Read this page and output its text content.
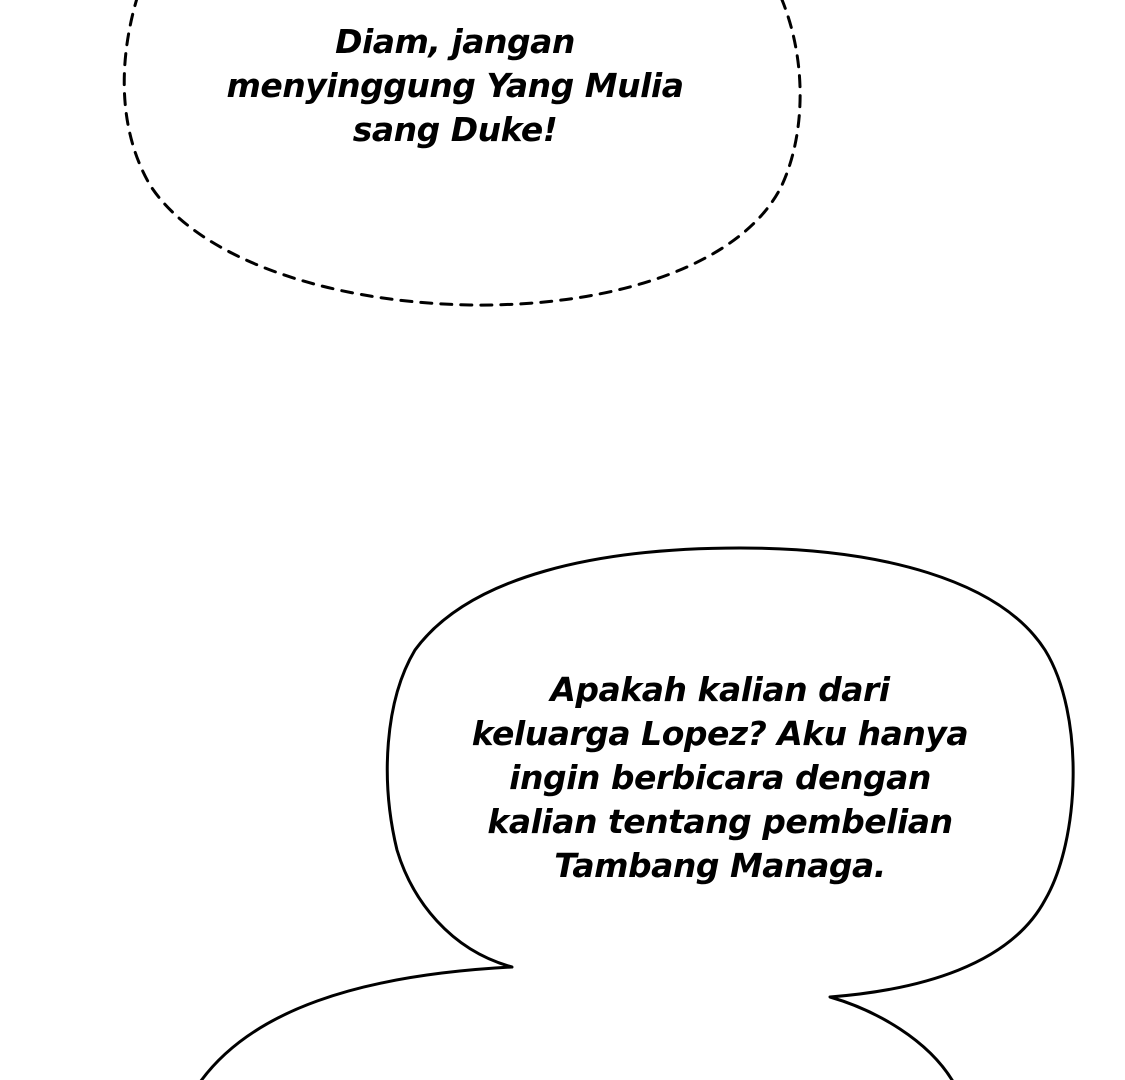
Diam, jangan
menyinggung Yang Mulia
sang Duke!
Apakah kalian dari
keluarga Lopez? Aku hanya
ingin berbicara dengan
kalian tentang pembelian
Tambang Managa.
